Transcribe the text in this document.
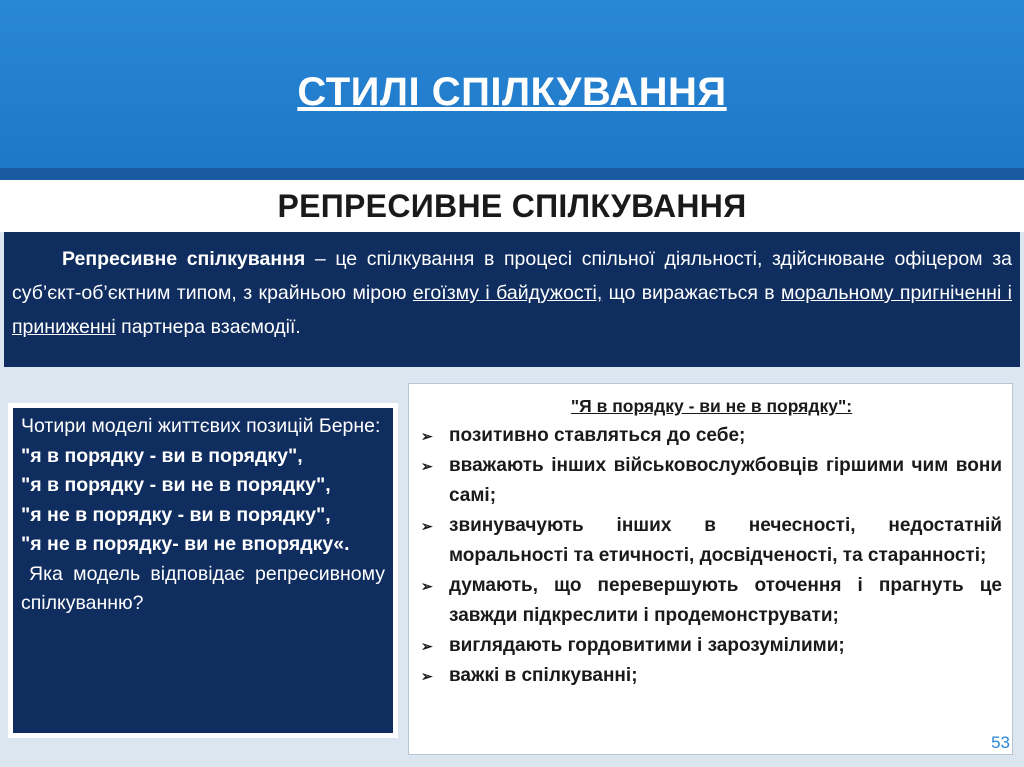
СТИЛІ СПІЛКУВАННЯ
РЕПРЕСИВНЕ СПІЛКУВАННЯ
Репресивне спілкування – це спілкування в процесі спільної діяльності, здійснюване офіцером за суб’єкт-об’єктним типом, з крайньою мірою егоїзму і байдужості, що виражається в моральному пригніченні і приниженні партнера взаємодії.
Чотири моделі життєвих позицій Берне:
"я в порядку - ви в порядку",
"я в порядку - ви не в порядку",
"я не в порядку - ви в порядку",
"я не в порядку- ви не впорядку«.
Яка модель відповідає репресивному спілкуванню?
"Я в порядку - ви не в порядку":
➢ позитивно ставляться до себе;
➢ вважають інших військовослужбовців гіршими чим вони самі;
➢ звинувачують інших в нечесності, недостатній моральності та етичності, досвідченості, та старанності;
➢ думають, що перевершують оточення і прагнуть це завжди підкреслити і продемонструвати;
➢ виглядають гордовитими і зарозумілими;
➢ важкі в спілкуванні;
53
